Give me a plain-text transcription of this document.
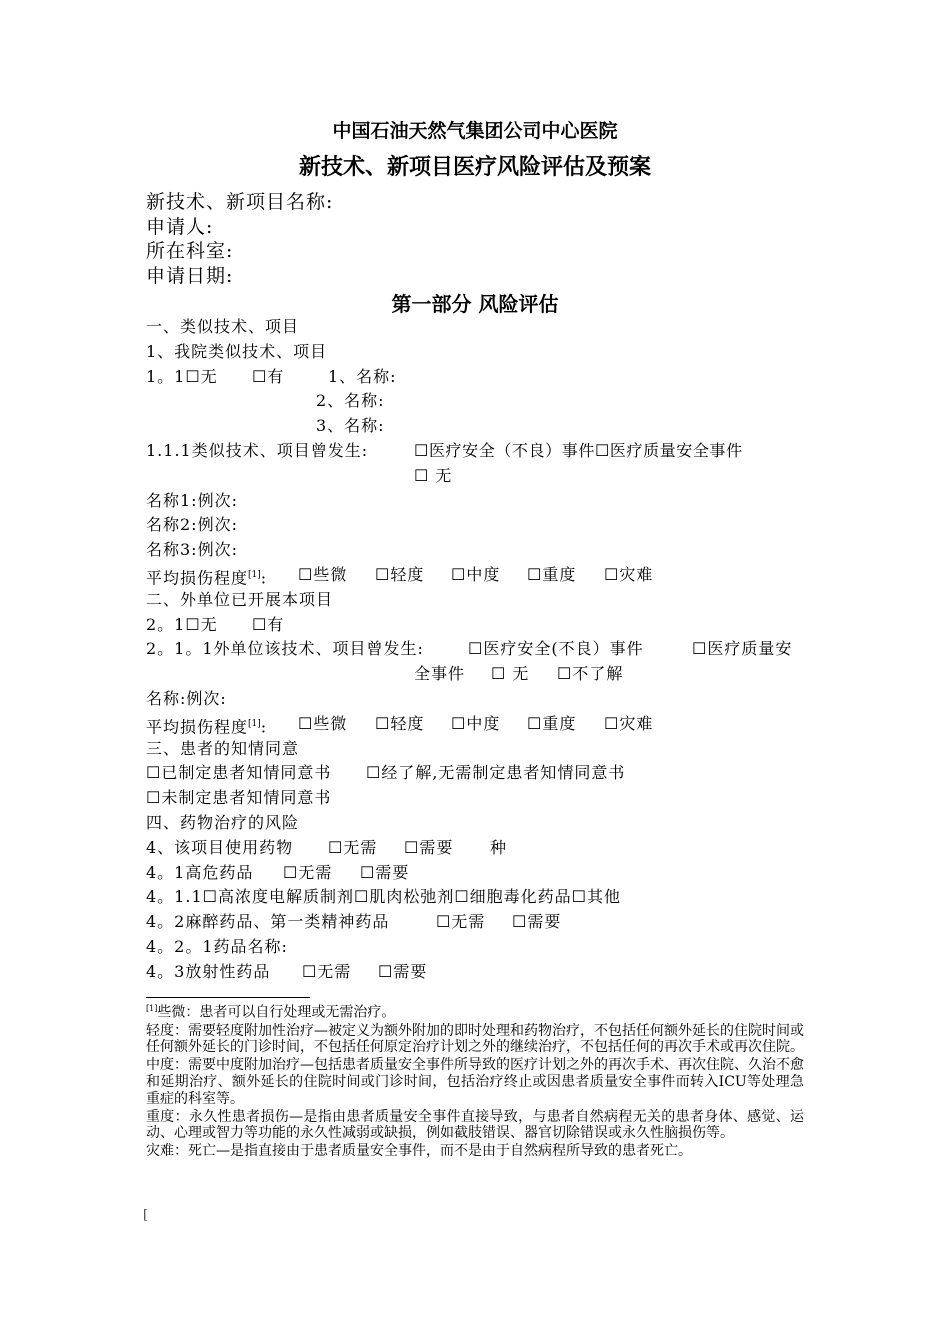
中国石油天然气集团公司中心医院
新技术、新项目医疗风险评估及预案
新技术、新项目名称:
申请人:
所在科室:
申请日期:
第一部分 风险评估
一、类似技术、项目
1、我院类似技术、项目
1。1☐无 ☐有	1、名称:
2、名称:
3、名称:
1.1.1类似技术、项目曾发生:	☐医疗安全（不良）事件☐医疗质量安全事件
☐ 无
名称1:例次:
名称2:例次:
名称3:例次:
平均损伤程度[1]: ☐些微 ☐轻度 ☐中度 ☐重度 ☐灾难
二、外单位已开展本项目
2。1☐无 ☐有
2。1。1外单位该技术、项目曾发生:	☐医疗安全(不良）事件	☐医疗质量安
全事件 ☐ 无 ☐不了解
名称:例次:
平均损伤程度[1]: ☐些微 ☐轻度 ☐中度 ☐重度 ☐灾难
三、患者的知情同意
☐已制定患者知情同意书 ☐经了解,无需制定患者知情同意书
☐未制定患者知情同意书
四、药物治疗的风险
4、该项目使用药物 ☐无需 ☐需要 种
4。1高危药品 ☐无需 ☐需要
4。1.1☐高浓度电解质制剂☐肌肉松弛剂☐细胞毒化药品☐其他
4。2麻醉药品、第一类精神药品	☐无需 ☐需要
4。2。1药品名称:
4。3放射性药品 ☐无需 ☐需要

[1]些微：患者可以自行处理或无需治疗。

轻度：需要轻度附加性治疗—被定义为额外附加的即时处理和药物治疗，不包括任何额外延长的住院时间或任何额外延长的门诊时间，不包括任何原定治疗计划之外的继续治疗，不包括任何的再次手术或再次住院。

中度：需要中度附加治疗—包括患者质量安全事件所导致的医疗计划之外的再次手术、再次住院、久治不愈和延期治疗、额外延长的住院时间或门诊时间，包括治疗终止或因患者质量安全事件而转入ICU等处理急重症的科室等。

重度：永久性患者损伤—是指由患者质量安全事件直接导致，与患者自然病程无关的患者身体、感觉、运动、心理或智力等功能的永久性减弱或缺损，例如截肢错误、器官切除错误或永久性脑损伤等。

灾难：死亡—是指直接由于患者质量安全事件，而不是由于自然病程所导致的患者死亡。

[
